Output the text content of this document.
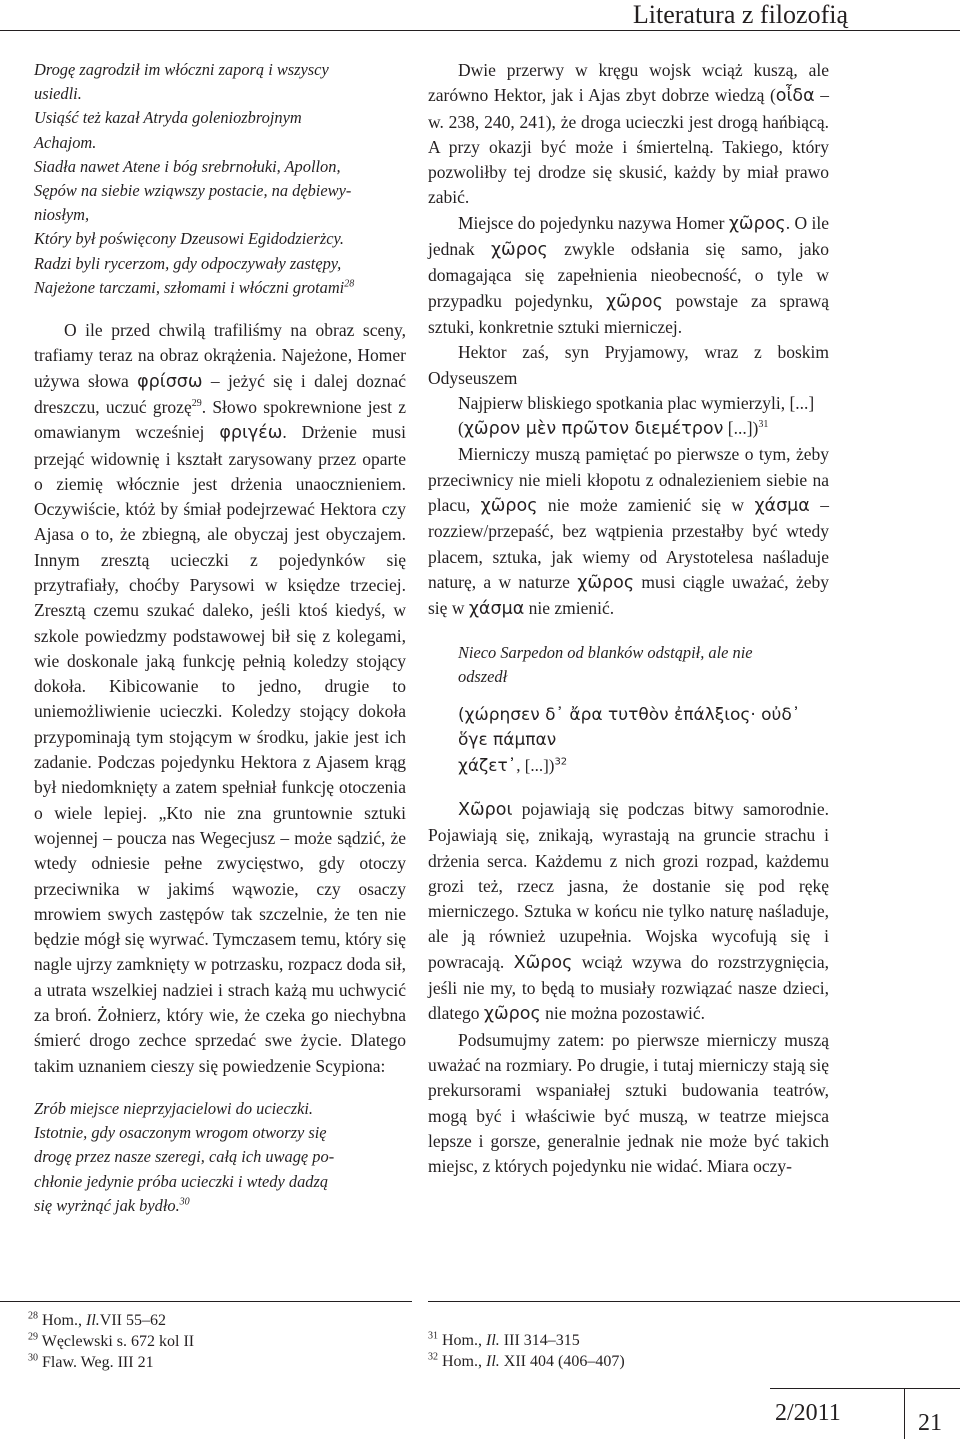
Literatura z filozofią

Drogę zagrodził im włóczni zaporą i wszyscy

usiedli.

Usiąść też kazał Atryda goleniozbrojnym

Achajom.

Siadła nawet Atene i bóg srebrnołuki, Apollon,

Sępów na siebie wziąwszy postacie, na dębiewy-

niosłym,

Który był poświęcony Dzeusowi Egidodzierżcy.

Radzi byli rycerzom, gdy odpoczywały zastępy,

Najeżone tarczami, szłomami i włóczni grotami$^{28}$

O ile przed chwilą trafiliśmy na obraz sceny, trafiamy teraz na obraz okrążenia. Najeżone, Homer używa słowa φρίσσω – jeżyć się i dalej doznać dreszczu, uczuć grozę$^{29}$. Słowo spokrewnione jest z omawianym wcześniej φριγέω. Drżenie musi przejąć widownię i kształt zarysowany przez oparte o ziemię włócznie jest drżenia unaocznieniem. Oczywiście, któż by śmiał podejrzewać Hektora czy Ajasa o to, że zbiegną, ale obyczaj jest obyczajem. Innym zresztą ucieczki z pojedynków się przytrafiały, choćby Parysowi w księdze trzeciej. Zresztą czemu szukać daleko, jeśli ktoś kiedyś, w szkole powiedzmy podstawowej bił się z kolegami, wie doskonale jaką funkcję pełnią koledzy stojący dokoła. Kibicowanie to jedno, drugie to uniemożliwienie ucieczki. Koledzy stojący dokoła przypominają tym stojącym w środku, jakie jest ich zadanie. Podczas pojedynku Hektora z Ajasem krąg był niedomknięty a zatem spełniał funkcję otoczenia o wiele lepiej. „Kto nie zna gruntownie sztuki wojennej – poucza nas Wegecjusz – może sądzić, że wtedy odniesie pełne zwycięstwo, gdy otoczy przeciwnika w jakimś wąwozie, czy osaczy mrowiem swych zastępów tak szczelnie, że ten nie będzie mógł się wyrwać. Tymczasem temu, który się nagle ujrzy zamknięty w potrzasku, rozpacz doda sił, a utrata wszelkiej nadziei i strach każą mu uchwycić za broń. Żołnierz, który wie, że czeka go niechybna śmierć drogo zechce sprzedać swe życie. Dlatego takim uznaniem cieszy się powiedzenie Scypiona:

Zrób miejsce nieprzyjacielowi do ucieczki.

Istotnie, gdy osaczonym wrogom otworzy się

drogę przez nasze szeregi, całą ich uwagę po-

chłonie jedynie próba ucieczki i wtedy dadzą

się wyrżnąć jak bydło.$^{30}$

Dwie przerwy w kręgu wojsk wciąż kuszą, ale zarówno Hektor, jak i Ajas zbyt dobrze wiedzą (οἶδα – w. 238, 240, 241), że droga ucieczki jest drogą hańbiącą. A przy okazji być może i śmiertelną. Takiego, który pozwoliłby tej drodze się skusić, każdy by miał prawo zabić.

Miejsce do pojedynku nazywa Homer χῶρος. O ile jednak χῶρος zwykle odsłania się samo, jako domagająca się zapełnienia nieobecność, o tyle w przypadku pojedynku, χῶρος powstaje za sprawą sztuki, konkretnie sztuki mierniczej.

Hektor zaś, syn Pryjamowy, wraz z boskim Odyseuszem

Najpierw bliskiego spotkania plac wymierzyli, [...]

(χῶρον μὲν πρῶτον διεμέτρον [...])$^{31}$

Mierniczy muszą pamiętać po pierwsze o tym, żeby przeciwnicy nie mieli kłopotu z odnalezieniem siebie na placu, χῶρος nie może zamienić się w χάσμα – rozziew/przepaść, bez wątpienia przestałby być wtedy placem, sztuka, jak wiemy od Arystotelesa naśladuje naturę, a w naturze χῶρος musi ciągle uważać, żeby się w χάσμα nie zmienić.

Nieco Sarpedon od blanków odstąpił, ale nie

odszedł

(χώρησεν δ᾽ ἄρα τυτθὸν ἐπάλξιος· οὐδ᾽
ὅγε πάμπαν
χάζετ᾽, [...])$^{32}$

Χῶροι pojawiają się podczas bitwy samorodnie. Pojawiają się, znikają, wyrastają na gruncie strachu i drżenia serca. Każdemu z nich grozi rozpad, każdemu grozi też, rzecz jasna, że dostanie się pod rękę mierniczego. Sztuka w końcu nie tylko naturę naśladuje, ale ją również uzupełnia. Wojska wycofują się i powracają. Χῶρος wciąż wzywa do rozstrzygnięcia, jeśli nie my, to będą to musiały rozwiązać nasze dzieci, dlatego χῶρος nie można pozostawić.

Podsumujmy zatem: po pierwsze mierniczy muszą uważać na rozmiary. Po drugie, i tutaj mierniczy stają się prekursorami wspaniałej sztuki budowania teatrów, mogą być i właściwie być muszą, w teatrze miejsca lepsze i gorsze, generalnie jednak nie może być takich miejsc, z których pojedynku nie widać. Miara oczy-

$^{28}$ Hom., Il.VII 55–62
$^{29}$ Węclewski s. 672 kol II
$^{30}$ Flaw. Weg. III 21
$^{31}$ Hom., Il. III 314–315
$^{32}$ Hom., Il. XII 404 (406–407)
2/2011	21
